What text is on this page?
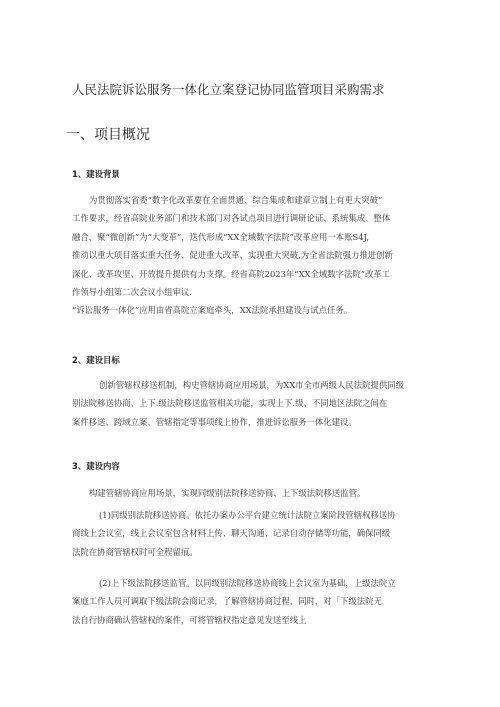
人民法院诉讼服务一体化立案登记协同监管项目采购需求
一、项目概况
1、建设背景
为贯彻落实省委“数字化改革要在全面贯通、综合集成和建章立制上有更大突破”
工作要求，经省高院业务部门和技术部门对各试点项目进行调研论证、系统集成、整体
融合，聚“微创新”为“大变革”，迭代形成“XX全域数字法院”改革应用一本账S4J,
推动以重大项目落实重大任务、促进重大改革、实现重大突破,为全省法院强力推进创新
深化、改革攻坚、开放提升提供有力支撑。经省高院2023年“XX全域数字法院”改革工
作领导小组第二次会议小组审议.
“诉讼服务一体化”应用由省高院立案庭牵头，XX法院承担建设与试点任务。
2、建设目标
创新管辖权移送机制，构史管辖协商应用场景，为XX市全市两级人民法院提供同级
别法院移送协商、上下.级法院移送监管相关功能，实现上下.级、不同地区法院之间在
案件移送、跨域立案、管辖指定等事项线上协作，推进诉讼服务一体化建设。
3、建设内容
构建管辖协商应用场景，实现同级别法院移送协商、上下级法院移送监管。
(1)同级别法院移送协商。依托办案办公平台建立统计法院立案阶段管辖权移送协
商线上会议室，线上会议室包含材料上传、聊天沟通、记录自动存储等功能，确保同级
法院在协商管辖权时可全程留痕。
(2)上下级法院移送监管。以同级别法院移送协商线上会议室为基础，上级法院立
案庭工作人员可调取下级法院会商记录，了解管辖协商过程，同时，对「下级法院无
法自行协商确认管辖权的案件，可将管辖权指定意见发送至线上
